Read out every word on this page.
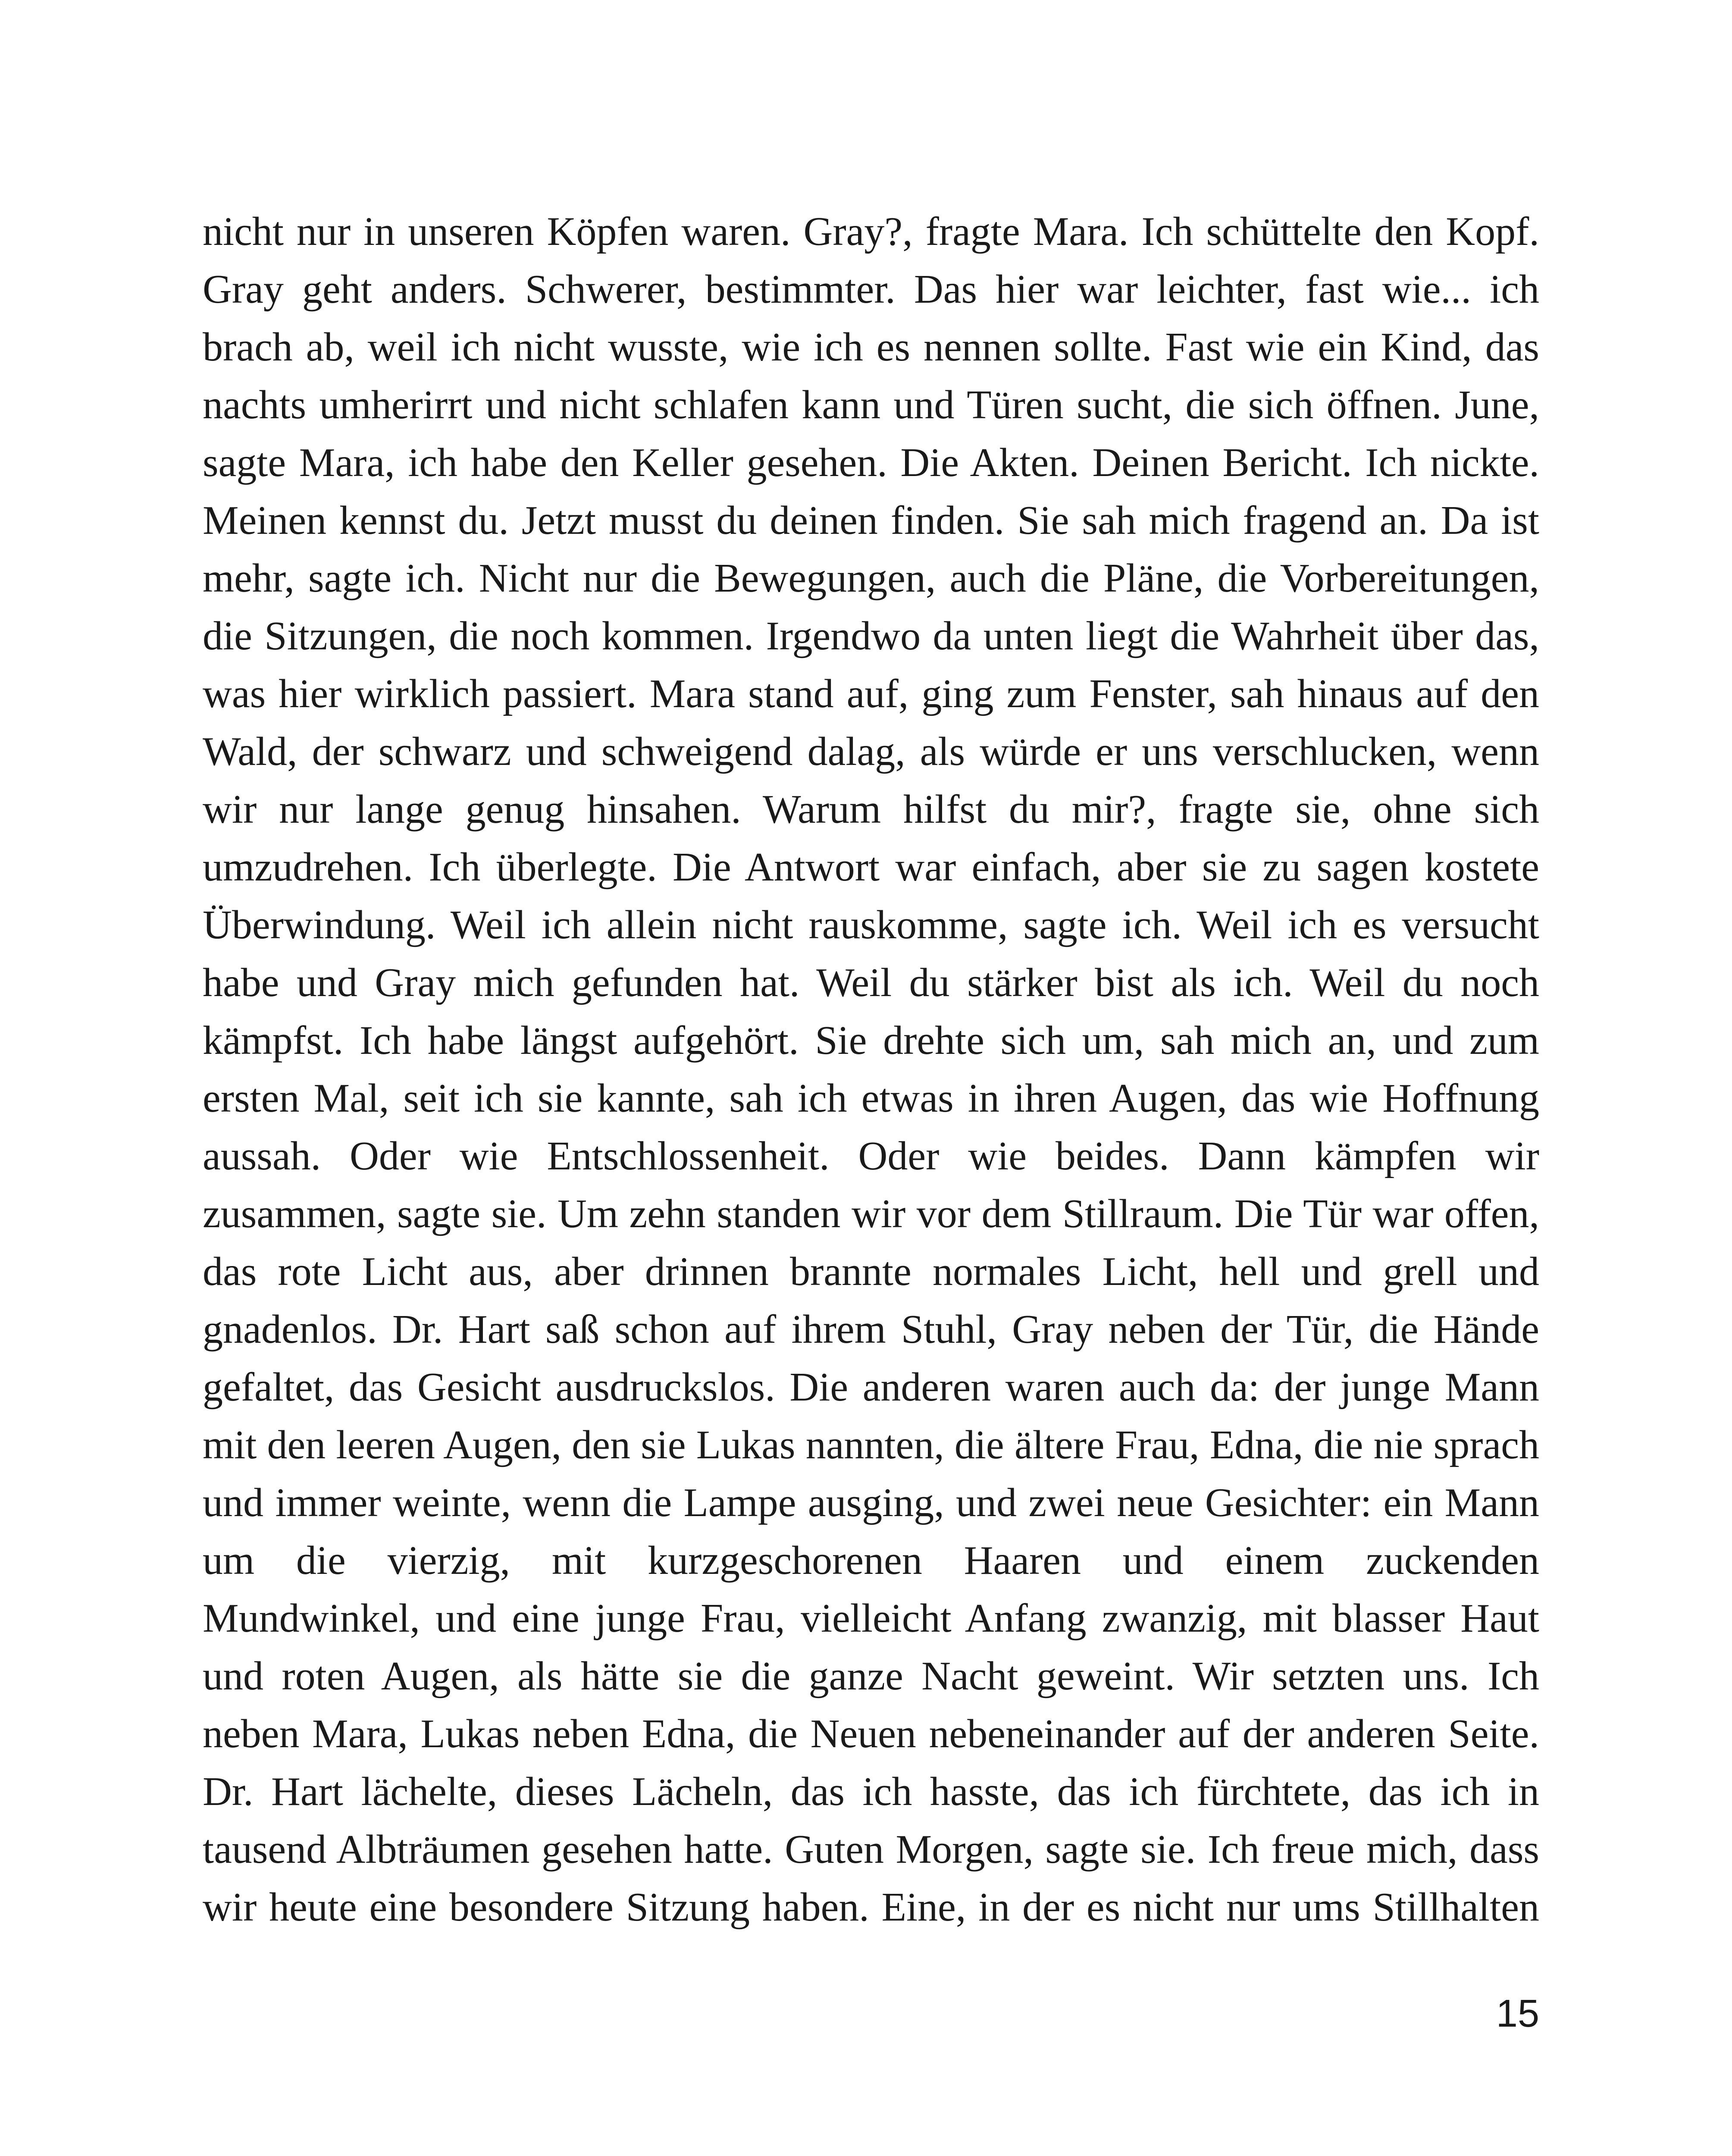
nicht nur in unseren Köpfen waren. Gray?, fragte Mara. Ich schüttelte den Kopf.
Gray geht anders. Schwerer, bestimmter. Das hier war leichter, fast wie... ich
brach ab, weil ich nicht wusste, wie ich es nennen sollte. Fast wie ein Kind, das
nachts umherirrt und nicht schlafen kann und Türen sucht, die sich öffnen. June,
sagte Mara, ich habe den Keller gesehen. Die Akten. Deinen Bericht. Ich nickte.
Meinen kennst du. Jetzt musst du deinen finden. Sie sah mich fragend an. Da ist
mehr, sagte ich. Nicht nur die Bewegungen, auch die Pläne, die Vorbereitungen,
die Sitzungen, die noch kommen. Irgendwo da unten liegt die Wahrheit über das,
was hier wirklich passiert. Mara stand auf, ging zum Fenster, sah hinaus auf den
Wald, der schwarz und schweigend dalag, als würde er uns verschlucken, wenn
wir nur lange genug hinsahen. Warum hilfst du mir?, fragte sie, ohne sich
umzudrehen. Ich überlegte. Die Antwort war einfach, aber sie zu sagen kostete
Überwindung. Weil ich allein nicht rauskomme, sagte ich. Weil ich es versucht
habe und Gray mich gefunden hat. Weil du stärker bist als ich. Weil du noch
kämpfst. Ich habe längst aufgehört. Sie drehte sich um, sah mich an, und zum
ersten Mal, seit ich sie kannte, sah ich etwas in ihren Augen, das wie Hoffnung
aussah. Oder wie Entschlossenheit. Oder wie beides. Dann kämpfen wir
zusammen, sagte sie. Um zehn standen wir vor dem Stillraum. Die Tür war offen,
das rote Licht aus, aber drinnen brannte normales Licht, hell und grell und
gnadenlos. Dr. Hart saß schon auf ihrem Stuhl, Gray neben der Tür, die Hände
gefaltet, das Gesicht ausdruckslos. Die anderen waren auch da: der junge Mann
mit den leeren Augen, den sie Lukas nannten, die ältere Frau, Edna, die nie sprach
und immer weinte, wenn die Lampe ausging, und zwei neue Gesichter: ein Mann
um die vierzig, mit kurzgeschorenen Haaren und einem zuckenden
Mundwinkel, und eine junge Frau, vielleicht Anfang zwanzig, mit blasser Haut
und roten Augen, als hätte sie die ganze Nacht geweint. Wir setzten uns. Ich
neben Mara, Lukas neben Edna, die Neuen nebeneinander auf der anderen Seite.
Dr. Hart lächelte, dieses Lächeln, das ich hasste, das ich fürchtete, das ich in
tausend Albträumen gesehen hatte. Guten Morgen, sagte sie. Ich freue mich, dass
wir heute eine besondere Sitzung haben. Eine, in der es nicht nur ums Stillhalten
15
